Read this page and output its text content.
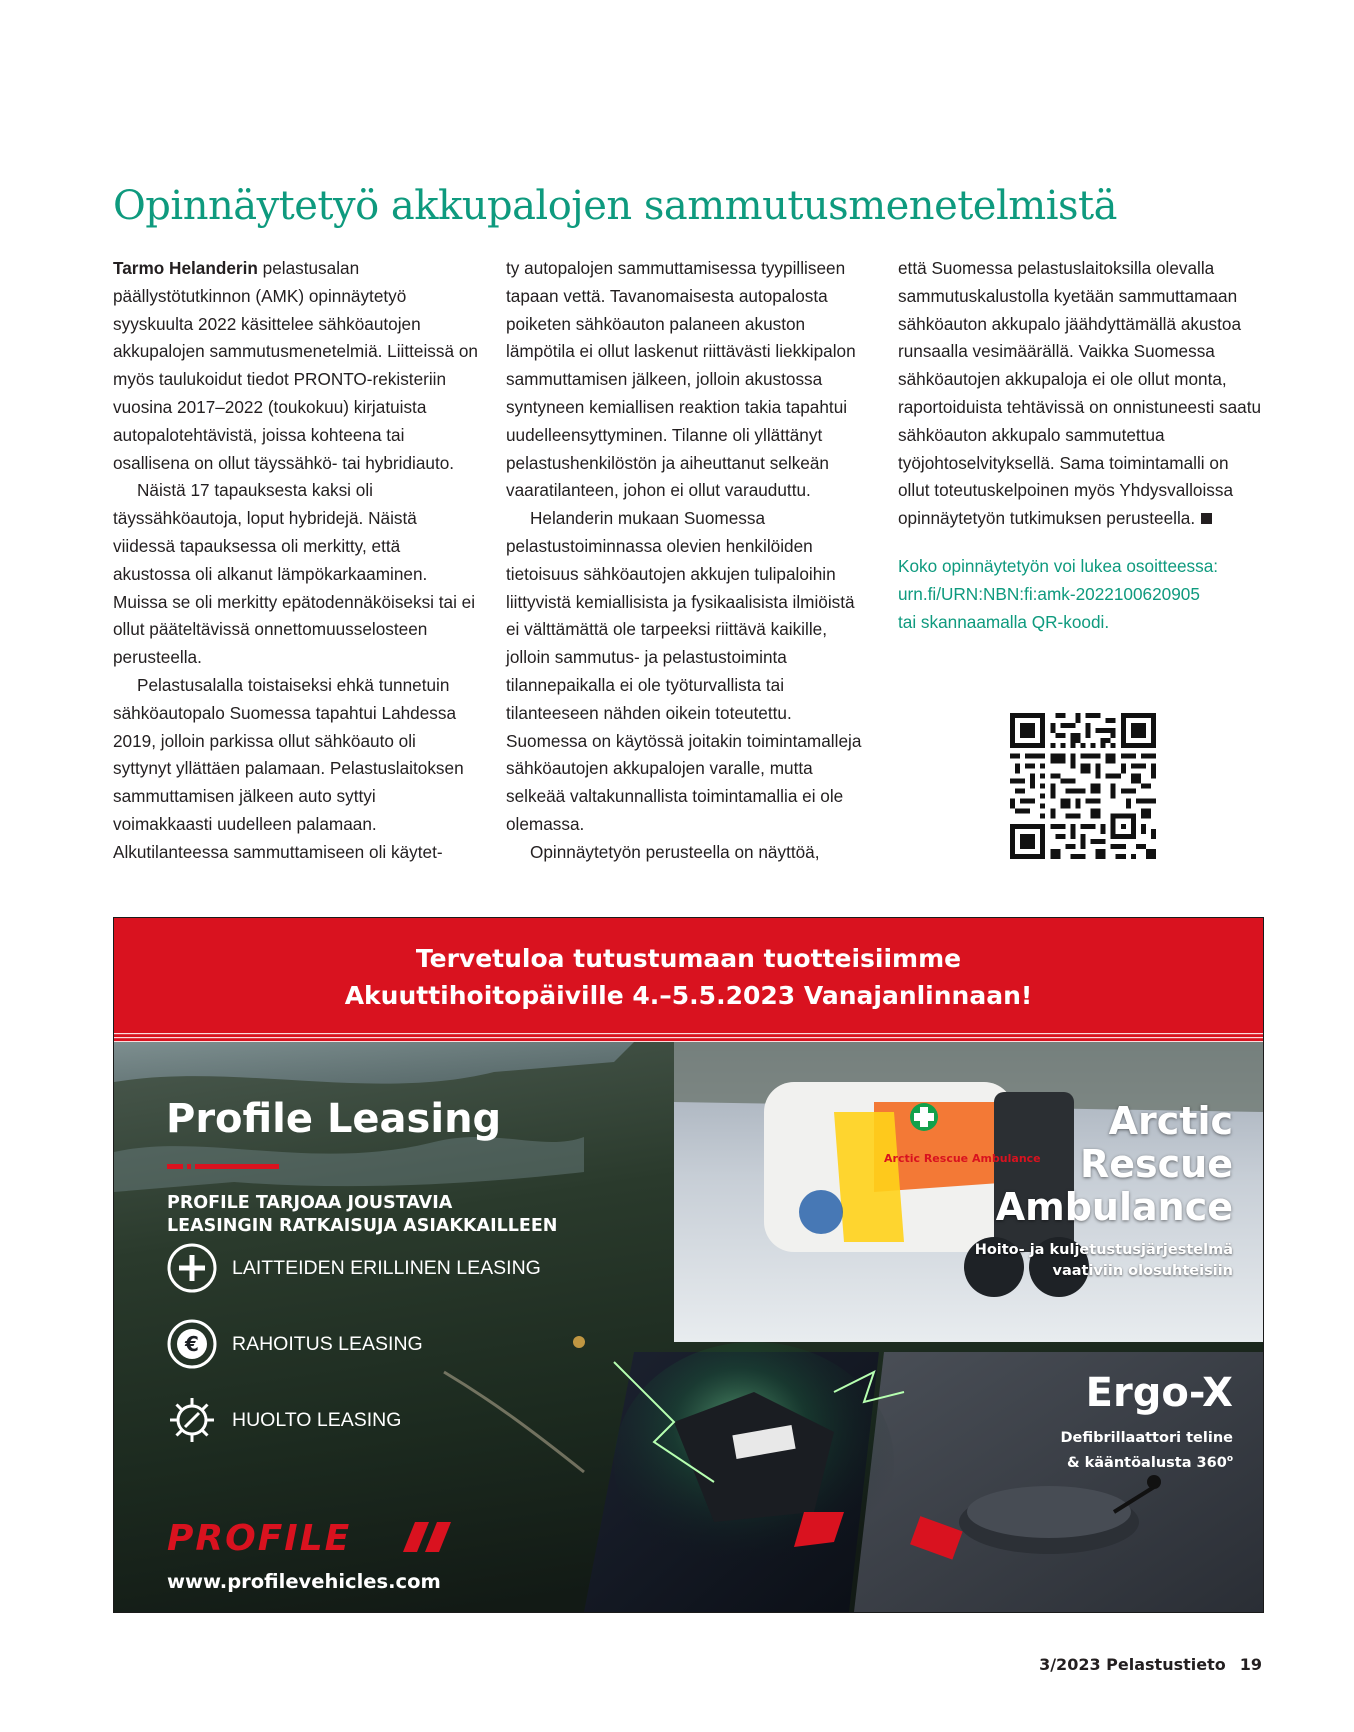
Opinnäytetyö akkupalojen sammutusmenetelmistä

Tarmo Helanderin pelastusalan päällystötutkinnon (AMK) opinnäytetyö syyskuulta 2022 käsittelee sähköautojen akkupalojen sammutusmenetelmiä. Liitteissä on myös taulukoidut tiedot PRONTO-rekisteriin vuosina 2017–2022 (toukokuu) kirjatuista autopalotehtävistä, joissa kohteena tai osallisena on ollut täyssähkö- tai hybridiauto.

Näistä 17 tapauksesta kaksi oli täyssähköautoja, loput hybridejä. Näistä viidessä tapauksessa oli merkitty, että akustossa oli alkanut lämpökarkaaminen. Muissa se oli merkitty epätodennäköiseksi tai ei ollut pääteltävissä onnettomuusselosteen perusteella.

Pelastusalalla toistaiseksi ehkä tunnetuin sähköautopalo Suomessa tapahtui Lahdessa 2019, jolloin parkissa ollut sähköauto oli syttynyt yllättäen palamaan. Pelastuslaitoksen sammuttamisen jälkeen auto syttyi voimakkaasti uudelleen palamaan. Alkutilanteessa sammuttamiseen oli käytet-

ty autopalojen sammuttamisessa tyypilliseen tapaan vettä. Tavanomaisesta autopalosta poiketen sähköauton palaneen akuston lämpötila ei ollut laskenut riittävästi liekkipalon sammuttamisen jälkeen, jolloin akustossa syntyneen kemiallisen reaktion takia tapahtui uudelleensyttyminen. Tilanne oli yllättänyt pelastushenkilöstön ja aiheuttanut selkeän vaaratilanteen, johon ei ollut varauduttu.

Helanderin mukaan Suomessa pelastustoiminnassa olevien henkilöiden tietoisuus sähköautojen akkujen tulipaloihin liittyvistä kemiallisista ja fysikaalisista ilmiöistä ei välttämättä ole tarpeeksi riittävä kaikille, jolloin sammutus- ja pelastustoiminta tilannepaikalla ei ole työturvallista tai tilanteeseen nähden oikein toteutettu. Suomessa on käytössä joitakin toimintamalleja sähköautojen akkupalojen varalle, mutta selkeää valtakunnallista toimintamallia ei ole olemassa.

Opinnäytetyön perusteella on näyttöä,

että Suomessa pelastuslaitoksilla olevalla sammutuskalustolla kyetään sammuttamaan sähköauton akkupalo jäähdyttämällä akustoa runsaalla vesimäärällä. Vaikka Suomessa sähköautojen akkupaloja ei ole ollut monta, raportoiduista tehtävissä on onnistuneesti saatu sähköauton akkupalo sammutettua työjohtoselvityksellä. Sama toimintamalli on ollut toteutuskelpoinen myös Yhdysvalloissa opinnäytetyön tutkimuksen perusteella.

Koko opinnäytetyön voi lukea osoitteessa:
urn.fi/URN:NBN:fi:amk-2022100620905
tai skannaamalla QR-koodi.

Tervetuloa tutustumaan tuotteisiimme
Akuuttihoitopäiville 4.–5.5.2023 Vanajanlinnaan!
Arctic Rescue Ambulance
Profile Leasing
PROFILE TARJOAA JOUSTAVIA
LEASINGIN RATKAISUJA ASIAKKAILLEEN
LAITTEIDEN ERILLINEN LEASING
€ RAHOITUS LEASING
HUOLTO LEASING
PROFILE
www.profilevehicles.com
Arctic
Rescue
Ambulance
Hoito- ja kuljetustusjärjestelmä
vaativiin olosuhteisiin
Ergo-X
Defibrillaattori teline
& kääntöalusta 360$^o$
3/2023 Pelastustieto 19
